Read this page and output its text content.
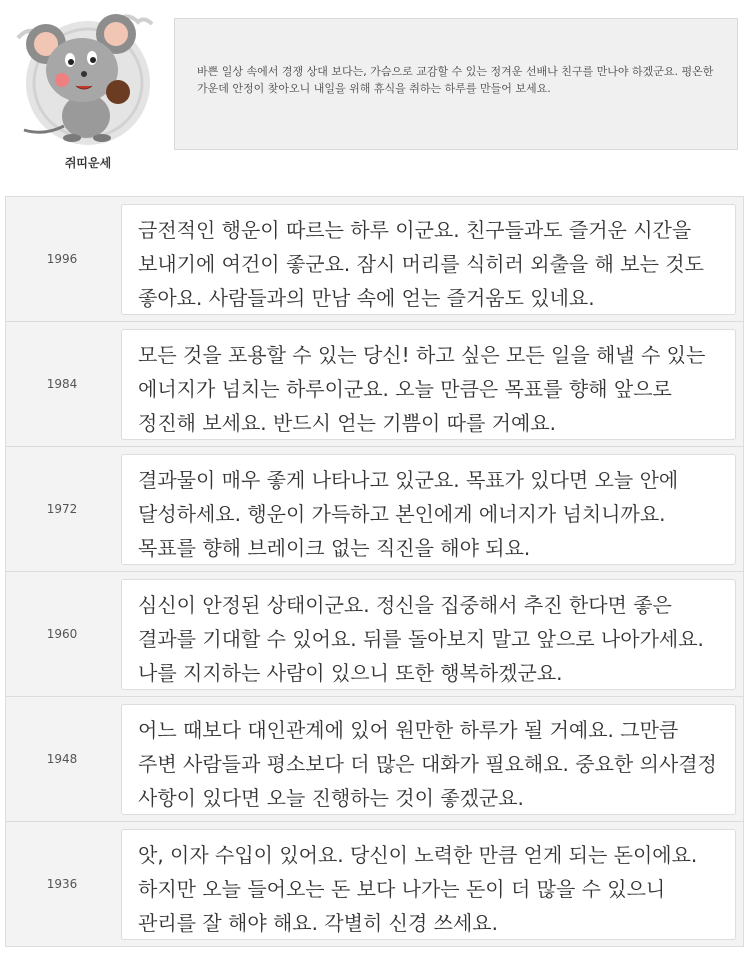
쥐띠운세
바쁜 일상 속에서 경쟁 상대 보다는, 가슴으로 교감할 수 있는 정겨운 선배나 친구를 만나야 하겠군요. 평온한 가운데 안정이 찾아오니 내일을 위해 휴식을 취하는 하루를 만들어 보세요.
1996
금전적인 행운이 따르는 하루 이군요. 친구들과도 즐거운 시간을 보내기에 여건이 좋군요. 잠시 머리를 식히러 외출을 해 보는 것도 좋아요. 사람들과의 만남 속에 얻는 즐거움도 있네요.
1984
모든 것을 포용할 수 있는 당신! 하고 싶은 모든 일을 해낼 수 있는 에너지가 넘치는 하루이군요. 오늘 만큼은 목표를 향해 앞으로 정진해 보세요. 반드시 얻는 기쁨이 따를 거예요.
1972
결과물이 매우 좋게 나타나고 있군요. 목표가 있다면 오늘 안에 달성하세요. 행운이 가득하고 본인에게 에너지가 넘치니까요. 목표를 향해 브레이크 없는 직진을 해야 되요.
1960
심신이 안정된 상태이군요. 정신을 집중해서 추진 한다면 좋은 결과를 기대할 수 있어요. 뒤를 돌아보지 말고 앞으로 나아가세요. 나를 지지하는 사람이 있으니 또한 행복하겠군요.
1948
어느 때보다 대인관계에 있어 원만한 하루가 될 거예요. 그만큼 주변 사람들과 평소보다 더 많은 대화가 필요해요. 중요한 의사결정 사항이 있다면 오늘 진행하는 것이 좋겠군요.
1936
앗, 이자 수입이 있어요. 당신이 노력한 만큼 얻게 되는 돈이에요. 하지만 오늘 들어오는 돈 보다 나가는 돈이 더 많을 수 있으니 관리를 잘 해야 해요. 각별히 신경 쓰세요.
